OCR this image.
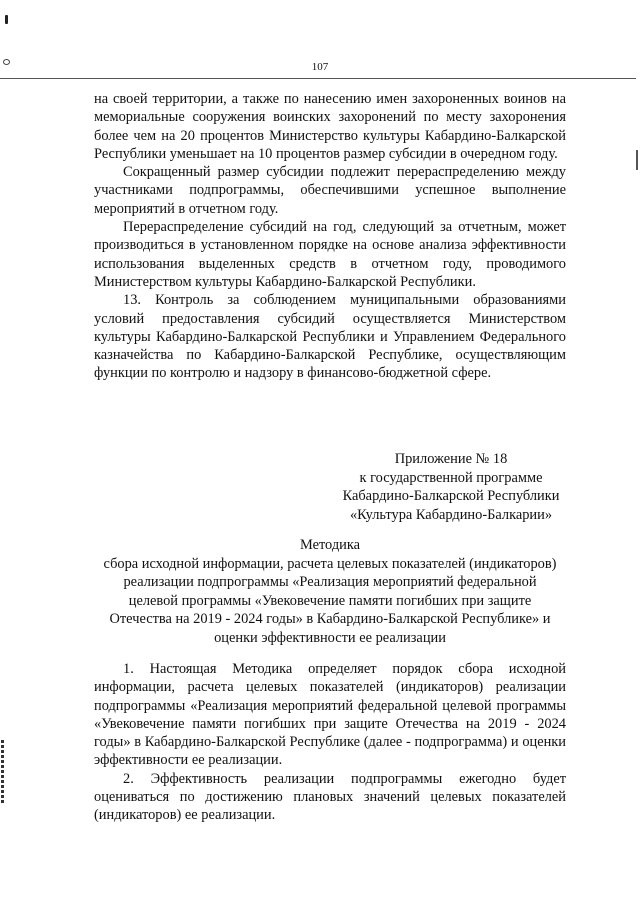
107

на своей территории, а также по нанесению имен захороненных воинов на мемориальные сооружения воинских захоронений по месту захоронения более чем на 20 процентов Министерство культуры Кабардино-Балкарской Республики уменьшает на 10 процентов размер субсидии в очередном году.

Сокращенный размер субсидии подлежит перераспределению между участниками подпрограммы, обеспечившими успешное выполнение мероприятий в отчетном году.

Перераспределение субсидий на год, следующий за отчетным, может производиться в установленном порядке на основе анализа эффективности использования выделенных средств в отчетном году, проводимого Министерством культуры Кабардино-Балкарской Республики.

13. Контроль за соблюдением муниципальными образованиями условий предоставления субсидий осуществляется Министерством культуры Кабардино-Балкарской Республики и Управлением Федерального казначейства по Кабардино-Балкарской Республике, осуществляющим функции по контролю и надзору в финансово-бюджетной сфере.

Приложение № 18
к государственной программе
Кабардино-Балкарской Республики
«Культура Кабардино-Балкарии»
Методика
сбора исходной информации, расчета целевых показателей (индикаторов) реализации подпрограммы «Реализация мероприятий федеральной целевой программы «Увековечение памяти погибших при защите Отечества на 2019 - 2024 годы» в Кабардино-Балкарской Республике» и оценки эффективности ее реализации

1. Настоящая Методика определяет порядок сбора исходной информации, расчета целевых показателей (индикаторов) реализации подпрограммы «Реализация мероприятий федеральной целевой программы «Увековечение памяти погибших при защите Отечества на 2019 - 2024 годы» в Кабардино-Балкарской Республике (далее - подпрограмма) и оценки эффективности ее реализации.

2. Эффективность реализации подпрограммы ежегодно будет оцениваться по достижению плановых значений целевых показателей (индикаторов) ее реализации.
